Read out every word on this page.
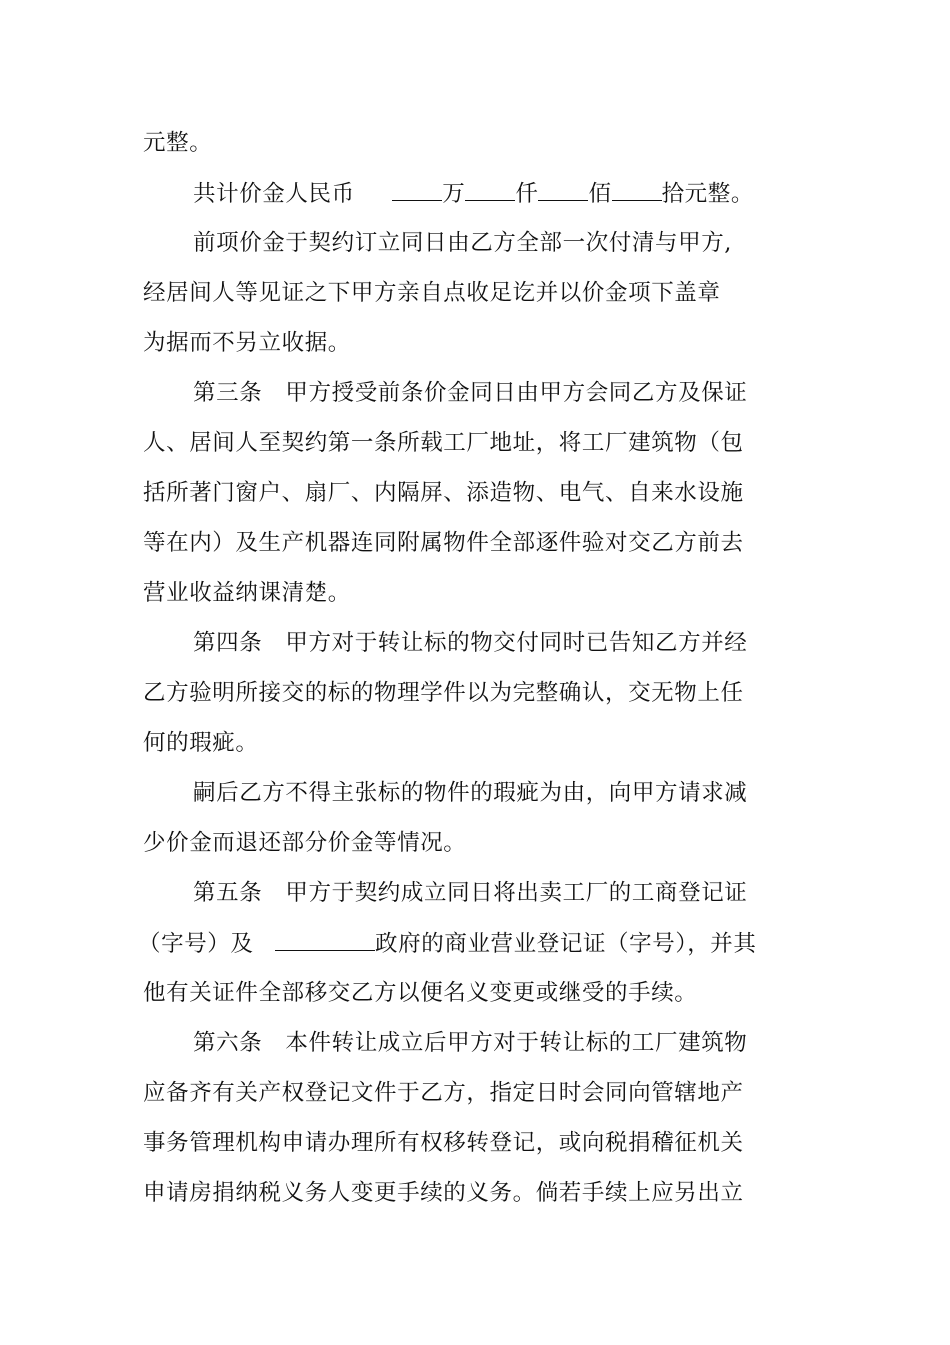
元整。
共计价金人民币	万 仟 佰 拾元整。
前项价金于契约订立同日由乙方全部一次付清与甲方,
经居间人等见证之下甲方亲自点收足讫并以价金项下盖章
为据而不另立收据。
第三条　甲方授受前条价金同日由甲方会同乙方及保证
人、居间人至契约第一条所载工厂地址，将工厂建筑物（包
括所著门窗户、扇厂、内隔屏、添造物、电气、自来水设施
等在内）及生产机器连同附属物件全部逐件验对交乙方前去
营业收益纳课清楚。
第四条　甲方对于转让标的物交付同时已告知乙方并经
乙方验明所接交的标的物理学件以为完整确认，交无物上任
何的瑕疵。
嗣后乙方不得主张标的物件的瑕疵为由，向甲方请求减
少价金而退还部分价金等情况。
第五条　甲方于契约成立同日将出卖工厂的工商登记证
（字号）及	政府的商业营业登记证（字号），并其
他有关证件全部移交乙方以便名义变更或继受的手续。
第六条　本件转让成立后甲方对于转让标的工厂建筑物
应备齐有关产权登记文件于乙方，指定日时会同向管辖地产
事务管理机构申请办理所有权移转登记，或向税捐稽征机关
申请房捐纳税义务人变更手续的义务。倘若手续上应另出立
